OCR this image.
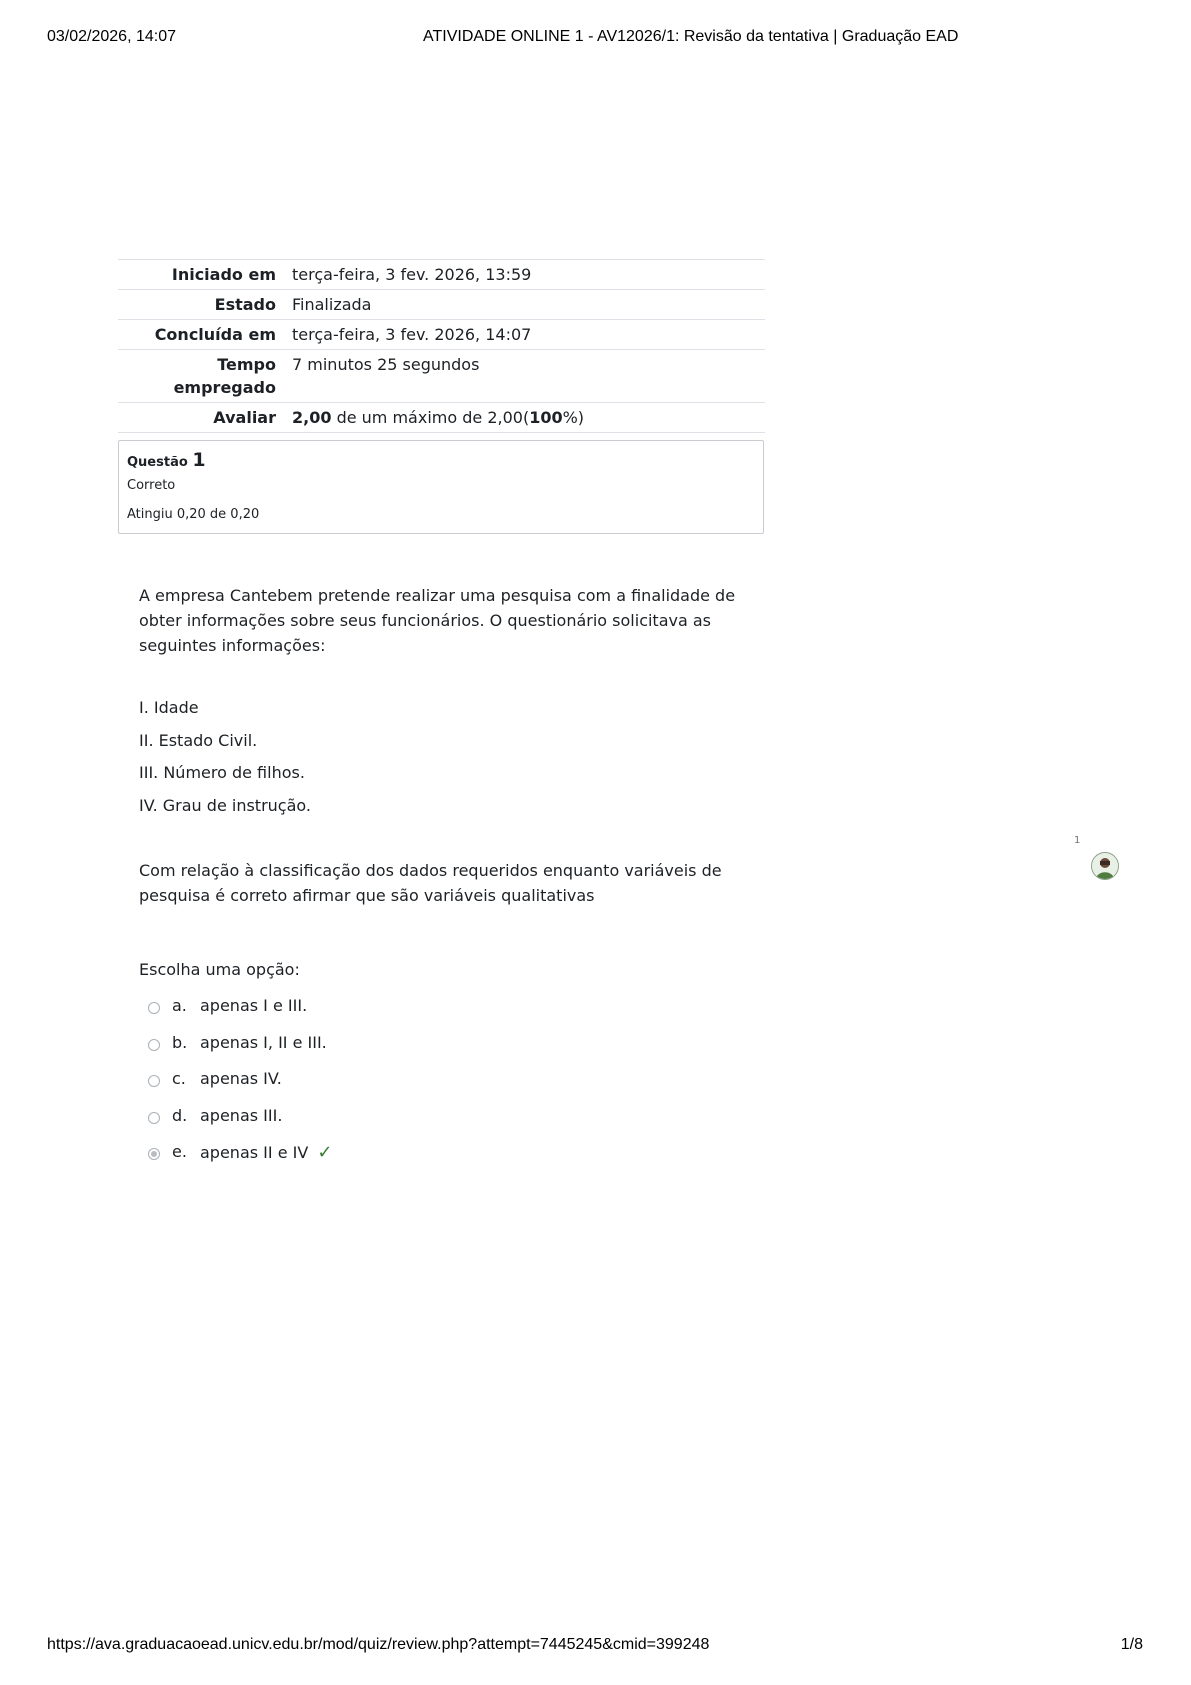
03/02/2026, 14:07	ATIVIDADE ONLINE 1 - AV12026/1: Revisão da tentativa | Graduação EAD
Iniciado em	terça-feira, 3 fev. 2026, 13:59
Estado	Finalizada
Concluída em	terça-feira, 3 fev. 2026, 14:07
Tempo
empregado	7 minutos 25 segundos
Avaliar	2,00 de um máximo de 2,00(100%)
Questão 1
Correto
Atingiu 0,20 de 0,20

A empresa Cantebem pretende realizar uma pesquisa com a finalidade de obter informações sobre seus funcionários. O questionário solicitava as seguintes informações:

I. Idade
II. Estado Civil.
III. Número de filhos.
IV. Grau de instrução.
Com relação à classificação dos dados requeridos enquanto variáveis de pesquisa é correto afirmar que são variáveis qualitativas
Escolha uma opção:
a. apenas I e III.
b. apenas I, II e III.
c. apenas IV.
d. apenas III.
e. apenas II e IV ✓
1
https://ava.graduacaoead.unicv.edu.br/mod/quiz/review.php?attempt=7445245&cmid=399248	1/8
